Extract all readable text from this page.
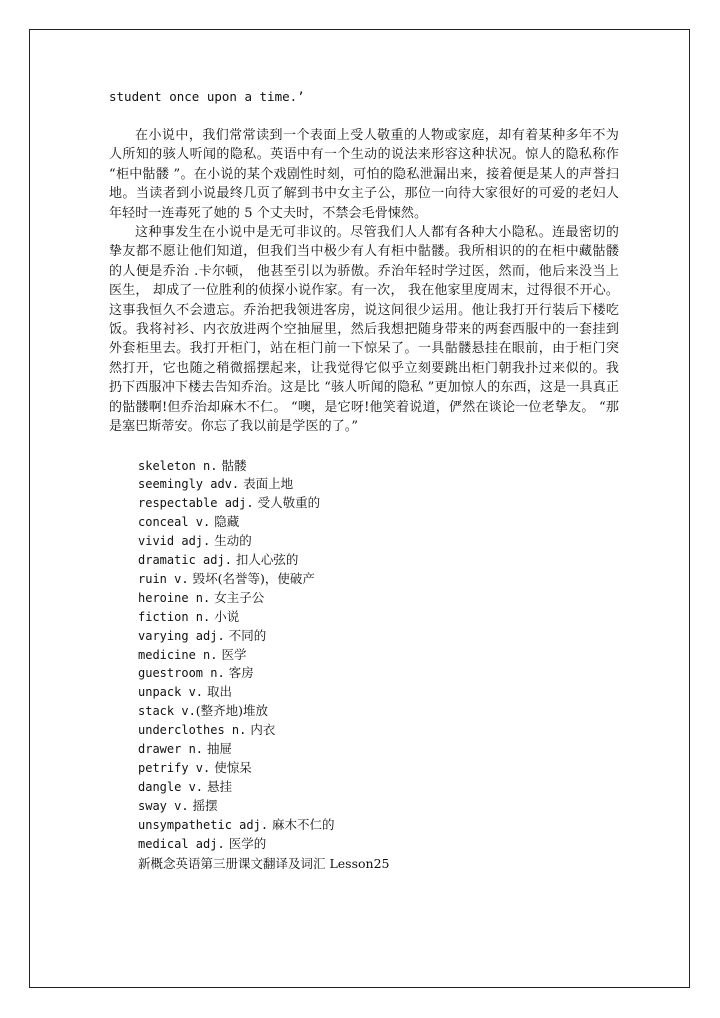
student once upon a time.’

在小说中，我们常常读到一个表面上受人敬重的人物或家庭，却有着某种多年不为人所知的骇人听闻的隐私。英语中有一个生动的说法来形容这种状况。惊人的隐私称作 “柜中骷髅 ”。在小说的某个戏剧性时刻，可怕的隐私泄漏出来，接着便是某人的声誉扫地。当读者到小说最终几页了解到书中女主子公，那位一向待大家很好的可爱的老妇人年轻时一连毒死了她的 5 个丈夫时，不禁会毛骨悚然。

这种事发生在小说中是无可非议的。尽管我们人人都有各种大小隐私。连最密切的挚友都不愿让他们知道，但我们当中极少有人有柜中骷髅。我所相识的的在柜中藏骷髅的人便是乔治 .卡尔顿， 他甚至引以为骄傲。乔治年轻时学过医，然而，他后来没当上医生， 却成了一位胜利的侦探小说作家。有一次， 我在他家里度周末，过得很不开心。这事我恒久不会遗忘。乔治把我领进客房，说这间很少运用。他让我打开行装后下楼吃饭。我将衬衫、内衣放进两个空抽屉里，然后我想把随身带来的两套西服中的一套挂到外套柜里去。我打开柜门，站在柜门前一下惊呆了。一具骷髅悬挂在眼前，由于柜门突然打开，它也随之稍微摇摆起来，让我觉得它似乎立刻要跳出柜门朝我扑过来似的。我扔下西服冲下楼去告知乔治。这是比 “骇人听闻的隐私 ”更加惊人的东西，这是一具真正的骷髅啊!但乔治却麻木不仁。 “噢，是它呀!他笑着说道，俨然在谈论一位老挚友。 “那是塞巴斯蒂安。你忘了我以前是学医的了。”

skeleton n. 骷髅
seemingly adv. 表面上地
respectable adj. 受人敬重的
conceal v. 隐藏
vivid adj. 生动的
dramatic adj. 扣人心弦的
ruin v. 毁坏(名誉等)，使破产
heroine n. 女主子公
fiction n. 小说
varying adj. 不同的
medicine n. 医学
guestroom n. 客房
unpack v. 取出
stack v.(整齐地)堆放
underclothes n. 内衣
drawer n. 抽屉
petrify v. 使惊呆
dangle v. 悬挂
sway v. 摇摆
unsympathetic adj. 麻木不仁的
medical adj. 医学的

新概念英语第三册课文翻译及词汇 Lesson25
